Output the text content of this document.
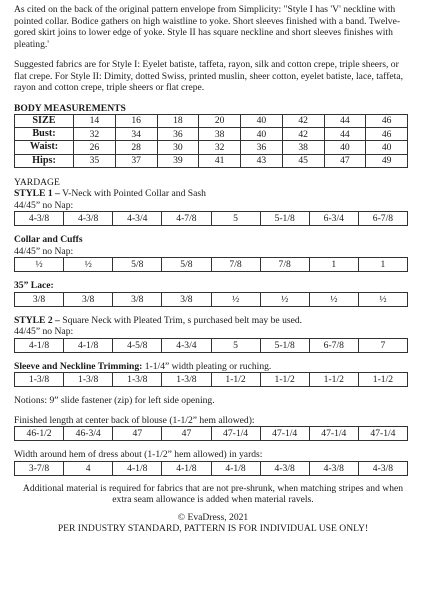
As cited on the back of the original pattern envelope from Simplicity: "Style I has 'V' neckline with pointed collar. Bodice gathers on high waistline to yoke. Short sleeves finished with a band. Twelve-gored skirt joins to lower edge of yoke. Style II has square neckline and short sleeves finishes with pleating.'

Suggested fabrics are for Style I: Eyelet batiste, taffeta, rayon, silk and cotton crepe, triple sheers, or flat crepe. For Style II: Dimity, dotted Swiss, printed muslin, sheer cotton, eyelet batiste, lace, taffeta, rayon and cotton crepe, triple sheers or flat crepe.

BODY MEASUREMENTS

SIZE	14	16	18	20	40	42	44	46
Bust:	32	34	36	38	40	42	44	46
Waist:	26	28	30	32	36	38	40	40
Hips:	35	37	39	41	43	45	47	49

YARDAGE

STYLE 1 – V-Neck with Pointed Collar and Sash

44/45” no Nap:

4-3/8	4-3/8	4-3/4	4-7/8	5	5-1/8	6-3/4	6-7/8

Collar and Cuffs

44/45” no Nap:

½	½	5/8	5/8	7/8	7/8	1	1

35” Lace:

3/8	3/8	3/8	3/8	½	½	½	½

STYLE 2 – Square Neck with Pleated Trim, s purchased belt may be used.

44/45” no Nap:

4-1/8	4-1/8	4-5/8	4-3/4	5	5-1/8	6-7/8	7

Sleeve and Neckline Trimming: 1-1/4” width pleating or ruching.

1-3/8	1-3/8	1-3/8	1-3/8	1-1/2	1-1/2	1-1/2	1-1/2

Notions: 9” slide fastener (zip) for left side opening.

Finished length at center back of blouse (1-1/2” hem allowed):

46-1/2	46-3/4	47	47	47-1/4	47-1/4	47-1/4	47-1/4

Width around hem of dress about (1-1/2” hem allowed) in yards:

3-7/8	4	4-1/8	4-1/8	4-1/8	4-3/8	4-3/8	4-3/8

Additional material is required for fabrics that are not pre-shrunk, when matching stripes and when extra seam allowance is added when material ravels.

© EvaDress, 2021

PER INDUSTRY STANDARD, PATTERN IS FOR INDIVIDUAL USE ONLY!
